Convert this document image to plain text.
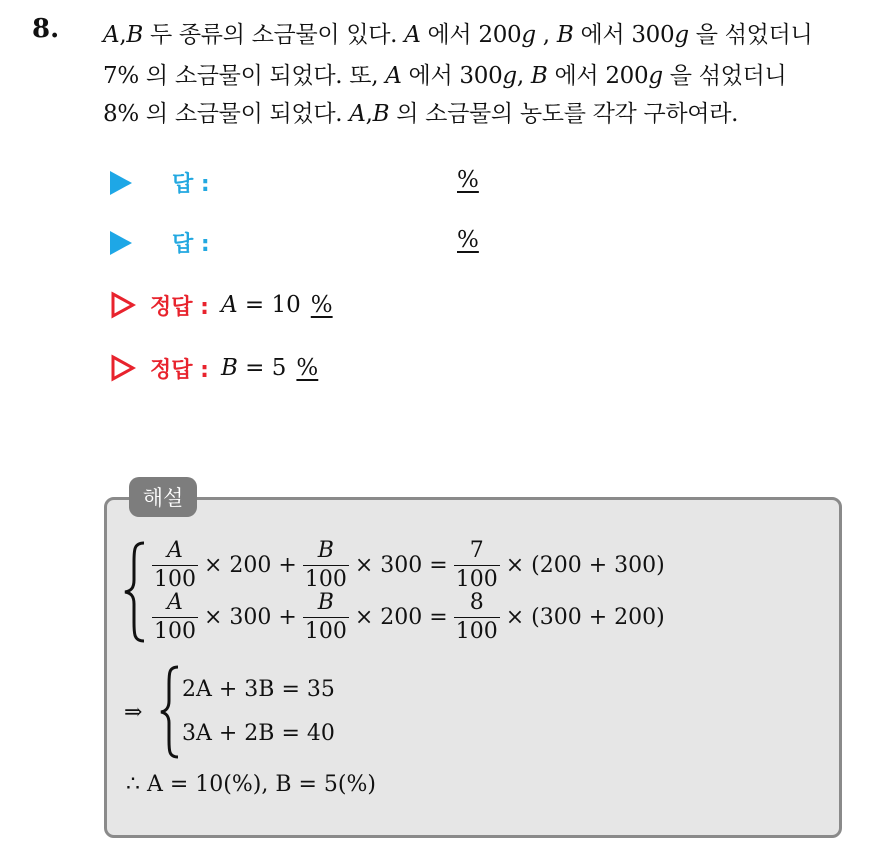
8. A,B 두 종류의 소금물이 있다. A 에서 200g , B 에서 300g 을 섞었더니
7% 의 소금물이 되었다. 또, A 에서 300g, B 에서 200g 을 섞었더니
8% 의 소금물이 되었다. A,B 의 소금물의 농도를 각각 구하여라.
답 :	%
답 :	%
정답 : A = 10 %
정답 : B = 5 %
해설
$\frac{A}{100} \times 200 + \frac{B}{100} \times 300 = \frac{7}{100} \times (200 + 300)$
$\frac{A}{100} \times 300 + \frac{B}{100} \times 200 = \frac{8}{100} \times (300 + 200)$
⇒
2A + 3B = 35
3A + 2B = 40
∴ A = 10(%), B = 5(%)
